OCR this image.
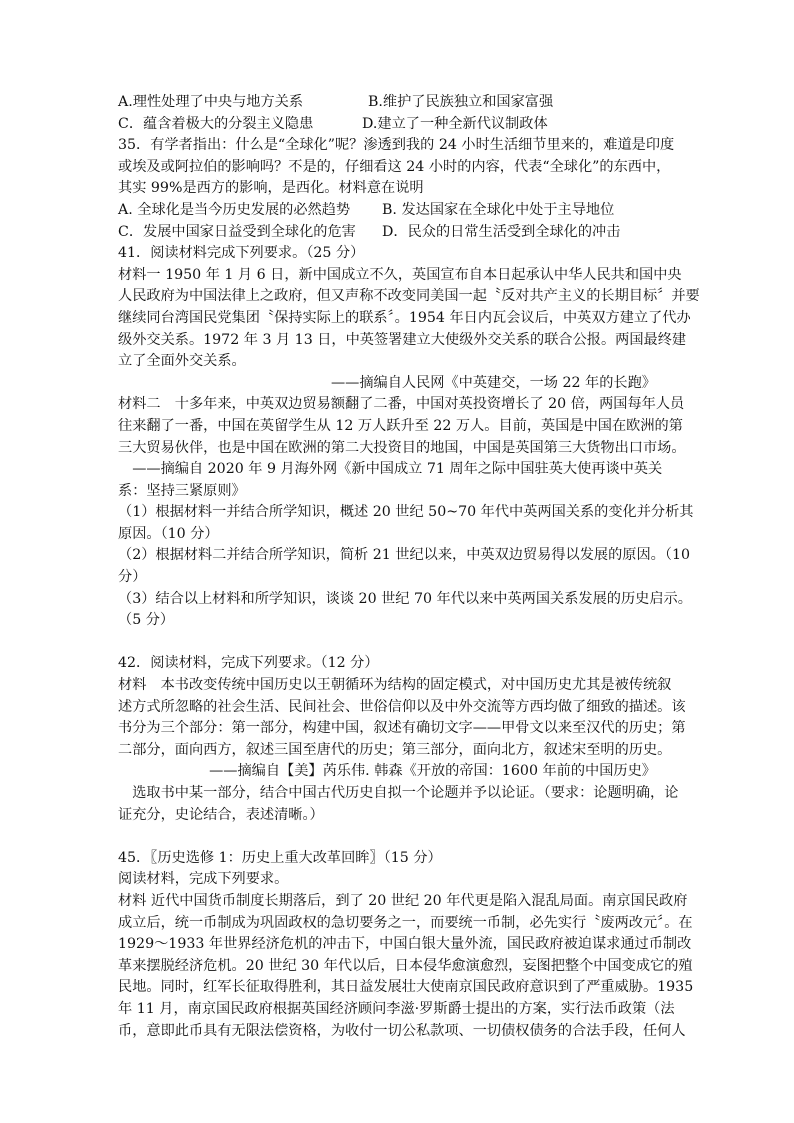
A.理性处理了中央与地方关系	B.维护了民族独立和国家富强
C．蕴含着极大的分裂主义隐患	D.建立了一种全新代议制政体
35．有学者指出：什么是“全球化”呢？渗透到我的 24 小时生活细节里来的，难道是印度
或埃及或阿拉伯的影响吗？不是的，仔细看这 24 小时的内容，代表“全球化”的东西中，
其实 99%是西方的影响，是西化。材料意在说明
A. 全球化是当今历史发展的必然趋势 B. 发达国家在全球化中处于主导地位
C．发展中国家日益受到全球化的危害 D．民众的日常生活受到全球化的冲击
41．阅读材料完成下列要求。（25 分）
材料一 1950 年 1 月 6 日，新中国成立不久，英国宣布自本日起承认中华人民共和国中央
人民政府为中国法律上之政府，但又声称不改变同美国一起〝反对共产主义的长期目标〞并要
继续同台湾国民党集团〝保持实际上的联系〞。1954 年日内瓦会议后，中英双方建立了代办
级外交关系。1972 年 3 月 13 日，中英签署建立大使级外交关系的联合公报。两国最终建
立了全面外交关系。
——摘编自人民网《中英建交，一场 22 年的长跑》
材料二　十多年来，中英双边贸易额翻了二番，中国对英投资增长了 20 倍，两国每年人员
往来翻了一番，中国在英留学生从 12 万人跃升至 22 万人。目前，英国是中国在欧洲的第
三大贸易伙伴，也是中国在欧洲的第二大投资目的地国，中国是英国第三大货物出口市场。
　——摘编自 2020 年 9 月海外网《新中国成立 71 周年之际中国驻英大使再谈中英关
系：坚持三紧原则》
（1）根据材料一并结合所学知识，概述 20 世纪 50~70 年代中英两国关系的变化并分析其
原因。（10 分）
（2）根据材料二并结合所学知识，简析 21 世纪以来，中英双边贸易得以发展的原因。（10
分）
（3）结合以上材料和所学知识，谈谈 20 世纪 70 年代以来中英两国关系发展的历史启示。
（5 分）
42．阅读材料，完成下列要求。（12 分）
材料　本书改变传统中国历史以王朝循环为结构的固定模式，对中国历史尤其是被传统叙
述方式所忽略的社会生活、民间社会、世俗信仰以及中外交流等方西均做了细致的描述。该
书分为三个部分：第一部分，构建中国，叙述有确切文字——甲骨文以来至汉代的历史；第
二部分，面向西方，叙述三国至唐代的历史；第三部分，面向北方，叙述宋至明的历史。
——摘编自【美】芮乐伟. 韩森《开放的帝国：1600 年前的中国历史》
　选取书中某一部分，结合中国古代历史自拟一个论题并予以论证。（要求：论题明确，论
证充分，史论结合，表述清晰。）
45．〖历史选修 1：历史上重大改革回眸〗（15 分）
阅读材料，完成下列要求。
材料 近代中国货币制度长期落后，到了 20 世纪 20 年代更是陷入混乱局面。南京国民政府
成立后，统一币制成为巩固政权的急切要务之一，而要统一币制，必先实行〝废两改元〞。在
1929～1933 年世界经济危机的冲击下，中国白银大量外流，国民政府被迫谋求通过币制改
革来摆脱经济危机。20 世纪 30 年代以后，日本侵华愈演愈烈，妄图把整个中国变成它的殖
民地。同时，红军长征取得胜利，其日益发展壮大使南京国民政府意识到了严重威胁。1935
年 11 月，南京国民政府根据英国经济顾问李滋·罗斯爵士提出的方案，实行法币政策（法
币，意即此币具有无限法偿资格，为收付一切公私款项、一切债权债务的合法手段，任何人
